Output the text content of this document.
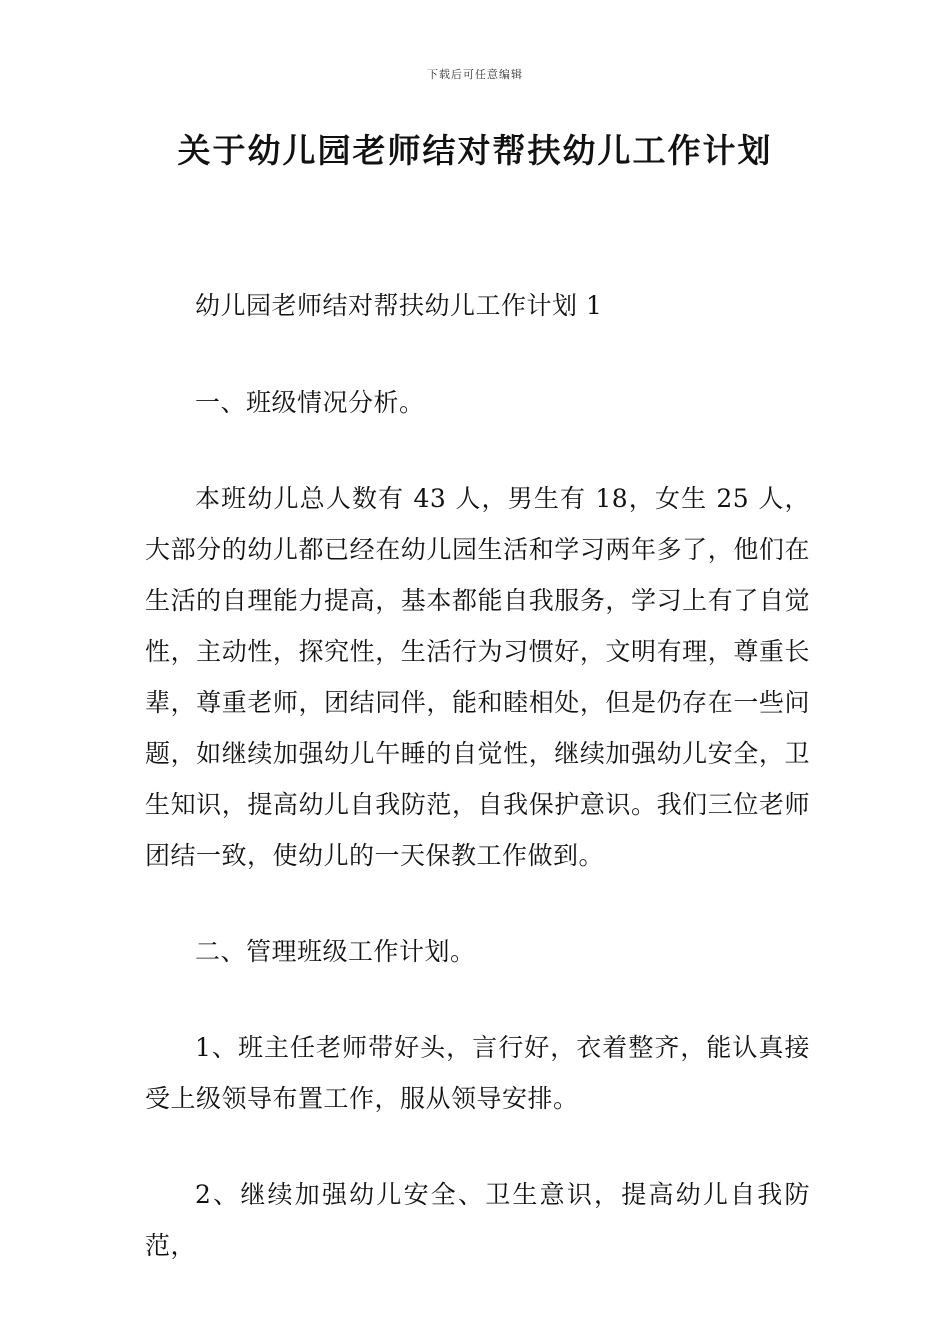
下载后可任意编辑
关于幼儿园老师结对帮扶幼儿工作计划

幼儿园老师结对帮扶幼儿工作计划 1

一、班级情况分析。

本班幼儿总人数有 43 人，男生有 18，女生 25 人，大部分的幼儿都已经在幼儿园生活和学习两年多了，他们在生活的自理能力提高，基本都能自我服务，学习上有了自觉性，主动性，探究性，生活行为习惯好，文明有理，尊重长辈，尊重老师，团结同伴，能和睦相处，但是仍存在一些问题，如继续加强幼儿午睡的自觉性，继续加强幼儿安全，卫生知识，提高幼儿自我防范，自我保护意识。我们三位老师团结一致，使幼儿的一天保教工作做到。

二、管理班级工作计划。

1、班主任老师带好头，言行好，衣着整齐，能认真接受上级领导布置工作，服从领导安排。

2、继续加强幼儿安全、卫生意识，提高幼儿自我防范，
